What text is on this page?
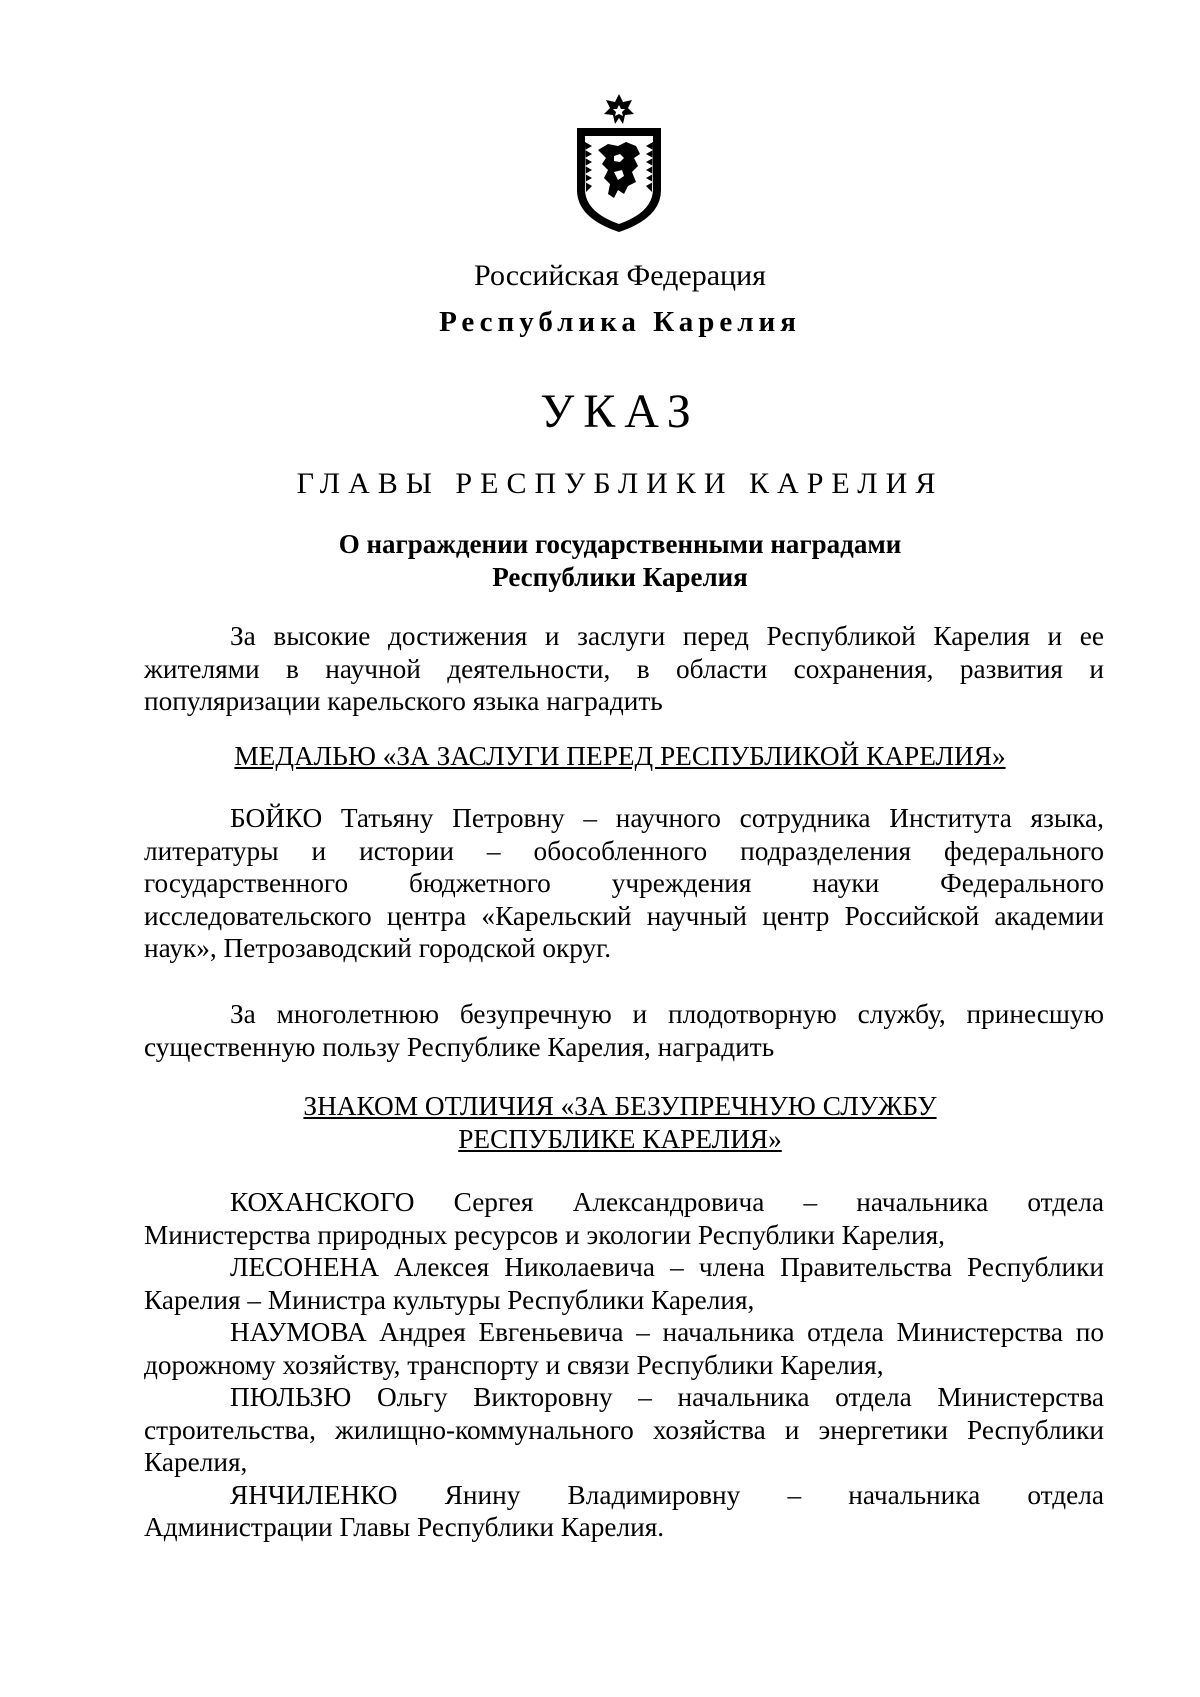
Российская Федерация
Республика Карелия
УКАЗ
ГЛАВЫ РЕСПУБЛИКИ КАРЕЛИЯ
О награждении государственными наградами
Республики Карелия
За высокие достижения и заслуги перед Республикой Карелия и ее
жителями в научной деятельности, в области сохранения, развития и
популяризации карельского языка наградить
МЕДАЛЬЮ «ЗА ЗАСЛУГИ ПЕРЕД РЕСПУБЛИКОЙ КАРЕЛИЯ»
БОЙКО Татьяну Петровну – научного сотрудника Института языка,
литературы и истории – обособленного подразделения федерального
государственного бюджетного учреждения науки Федерального
исследовательского центра «Карельский научный центр Российской академии
наук», Петрозаводский городской округ.
За многолетнюю безупречную и плодотворную службу, принесшую
существенную пользу Республике Карелия, наградить
ЗНАКОМ ОТЛИЧИЯ «ЗА БЕЗУПРЕЧНУЮ СЛУЖБУ
РЕСПУБЛИКЕ КАРЕЛИЯ»
КОХАНСКОГО Сергея Александровича – начальника отдела
Министерства природных ресурсов и экологии Республики Карелия,
ЛЕСОНЕНА Алексея Николаевича – члена Правительства Республики
Карелия – Министра культуры Республики Карелия,
НАУМОВА Андрея Евгеньевича – начальника отдела Министерства по
дорожному хозяйству, транспорту и связи Республики Карелия,
ПЮЛЬЗЮ Ольгу Викторовну – начальника отдела Министерства
строительства, жилищно-коммунального хозяйства и энергетики Республики
Карелия,
ЯНЧИЛЕНКО Янину Владимировну – начальника отдела
Администрации Главы Республики Карелия.
